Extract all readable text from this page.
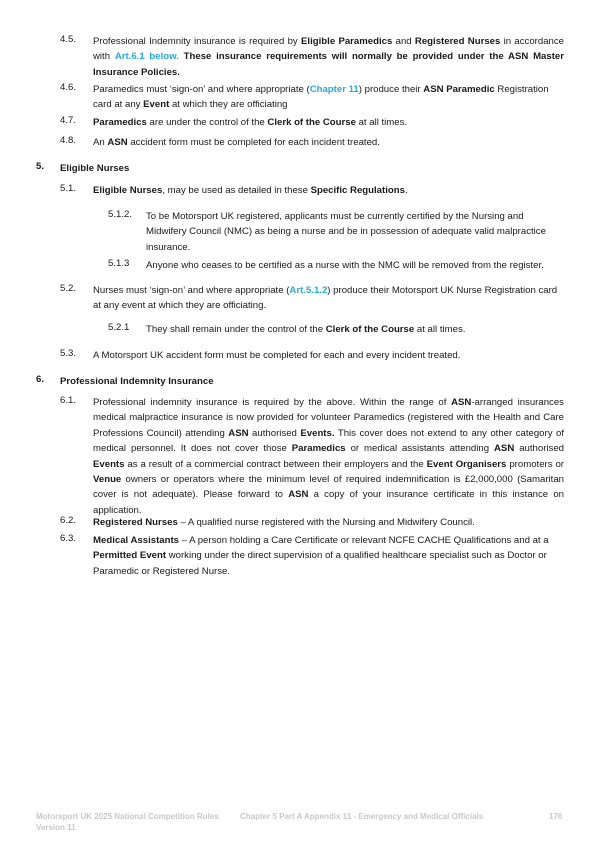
4.5. Professional Indemnity insurance is required by Eligible Paramedics and Registered Nurses in accordance with Art.6.1 below. These insurance requirements will normally be provided under the ASN Master Insurance Policies.
4.6. Paramedics must ‘sign-on’ and where appropriate (Chapter 11) produce their ASN Paramedic Registration card at any Event at which they are officiating
4.7. Paramedics are under the control of the Clerk of the Course at all times.
4.8. An ASN accident form must be completed for each incident treated.
5. Eligible Nurses
5.1. Eligible Nurses, may be used as detailed in these Specific Regulations.
5.1.2. To be Motorsport UK registered, applicants must be currently certified by the Nursing and Midwifery Council (NMC) as being a nurse and be in possession of adequate valid malpractice insurance.
5.1.3 Anyone who ceases to be certified as a nurse with the NMC will be removed from the register.
5.2. Nurses must ‘sign-on’ and where appropriate (Art.5.1.2) produce their Motorsport UK Nurse Registration card at any event at which they are officiating.
5.2.1 They shall remain under the control of the Clerk of the Course at all times.
5.3. A Motorsport UK accident form must be completed for each and every incident treated.
6. Professional Indemnity Insurance
6.1. Professional indemnity insurance is required by the above. Within the range of ASN-arranged insurances medical malpractice insurance is now provided for volunteer Paramedics (registered with the Health and Care Professions Council) attending ASN authorised Events. This cover does not extend to any other category of medical personnel. It does not cover those Paramedics or medical assistants attending ASN authorised Events as a result of a commercial contract between their employers and the Event Organisers promoters or Venue owners or operators where the minimum level of required indemnification is £2,000,000 (Samaritan cover is not adequate). Please forward to ASN a copy of your insurance certificate in this instance on application.
6.2. Registered Nurses – A qualified nurse registered with the Nursing and Midwifery Council.
6.3. Medical Assistants – A person holding a Care Certificate or relevant NCFE CACHE Qualifications and at a Permitted Event working under the direct supervision of a qualified healthcare specialist such as Doctor or Paramedic or Registered Nurse.
Motorsport UK 2025 National Competition Rules
Version 11
Chapter 5 Part A Appendix 11 - Emergency and Medical Officials	176
